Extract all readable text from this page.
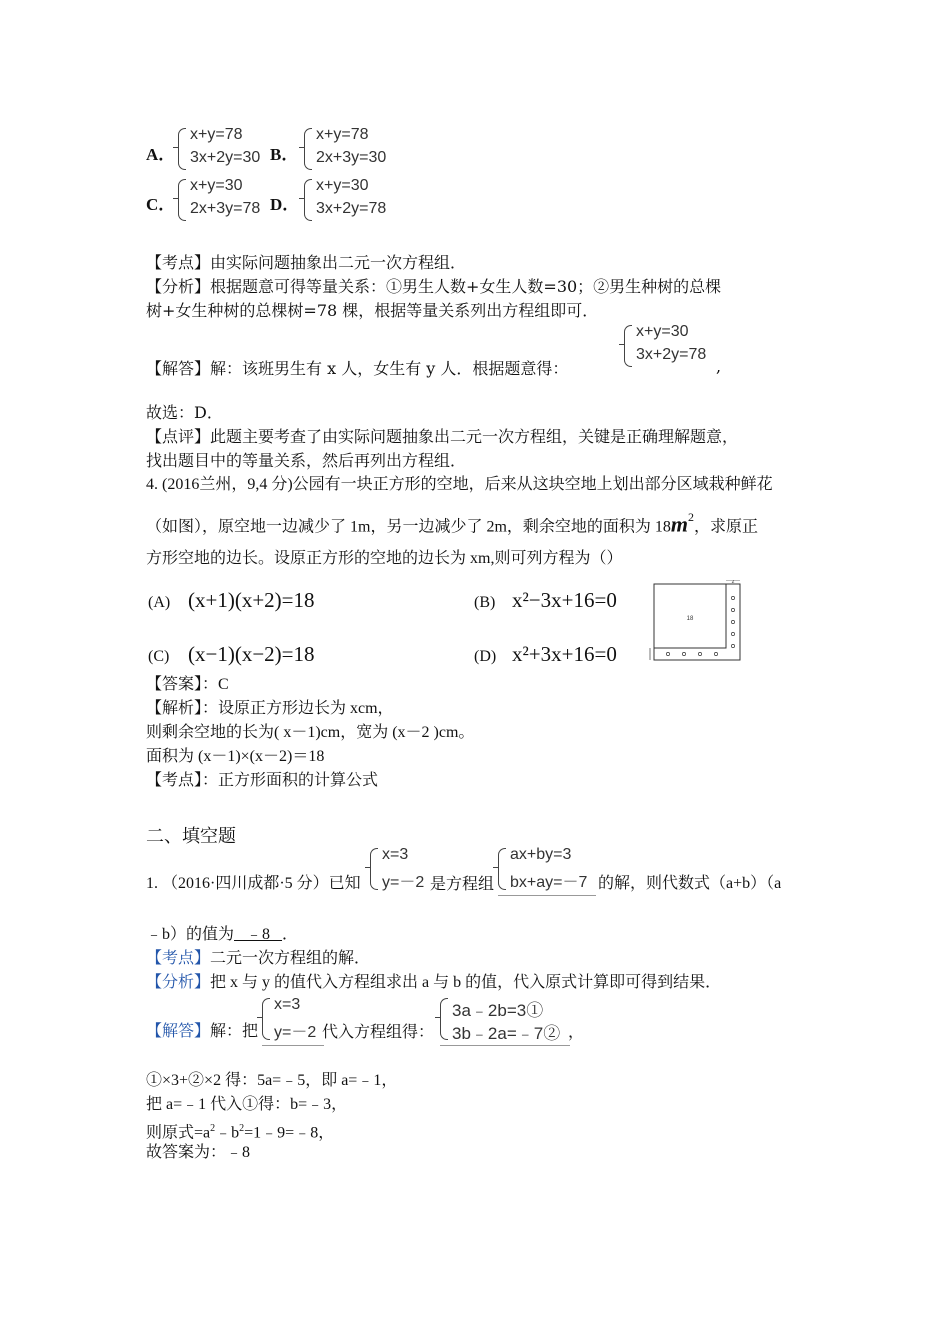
A．
x+y=78
3x+2y=30 B．
x+y=78
2x+3y=30
C．
x+y=30
2x+3y=78 D．
x+y=30
3x+2y=78
【考点】由实际问题抽象出二元一次方程组．
【分析】根据题意可得等量关系：①男生人数+女生人数=30；②男生种树的总棵
树+女生种树的总棵树=78 棵，根据等量关系列出方程组即可．
【解答】解：该班男生有 x 人，女生有 y 人．根据题意得：
x+y=30
3x+2y=78
,
故选：D．
【点评】此题主要考查了由实际问题抽象出二元一次方程组，关键是正确理解题意，
找出题目中的等量关系，然后再列出方程组．
4. (2016兰州，9,4 分)公园有一块正方形的空地，后来从这块空地上划出部分区域栽种鲜花
（如图），原空地一边减少了 1m，另一边减少了 2m，剩余空地的面积为 $18m^2$，求原正
方形空地的边长。设原正方形的空地的边长为 xm,则可列方程为（）
(A) (x+1)(x+2)=18	(B) x²−3x+16=0
(C) (x−1)(x−2)=18	(D) x²+3x+16=0
2
18
【答案】：C
【解析】：设原正方形边长为 xcm，
则剩余空地的长为( x－1)cm，宽为 (x－2 )cm。
面积为 (x－1)×(x－2)＝18
【考点】：正方形面积的计算公式
二、填空题
1. （2016·四川成都·5 分）已知
x=3
y=－2 是方程组
ax+by=3
bx+ay=－7 的解，则代数式（a+b）（a
﹣b）的值为   ﹣8   ．
【考点】二元一次方程组的解．
【分析】把 x 与 y 的值代入方程组求出 a 与 b 的值，代入原式计算即可得到结果．
【解答】解：把
x=3
y=－2 代入方程组得：
3a﹣2b=3①
3b﹣2a=﹣7② ，
①×3+②×2 得：5a=﹣5，即 a=﹣1，
把 a=﹣1 代入①得：b=﹣3，
则原式$=a^2﹣b^2=1﹣9=﹣8$，
故答案为：﹣8
